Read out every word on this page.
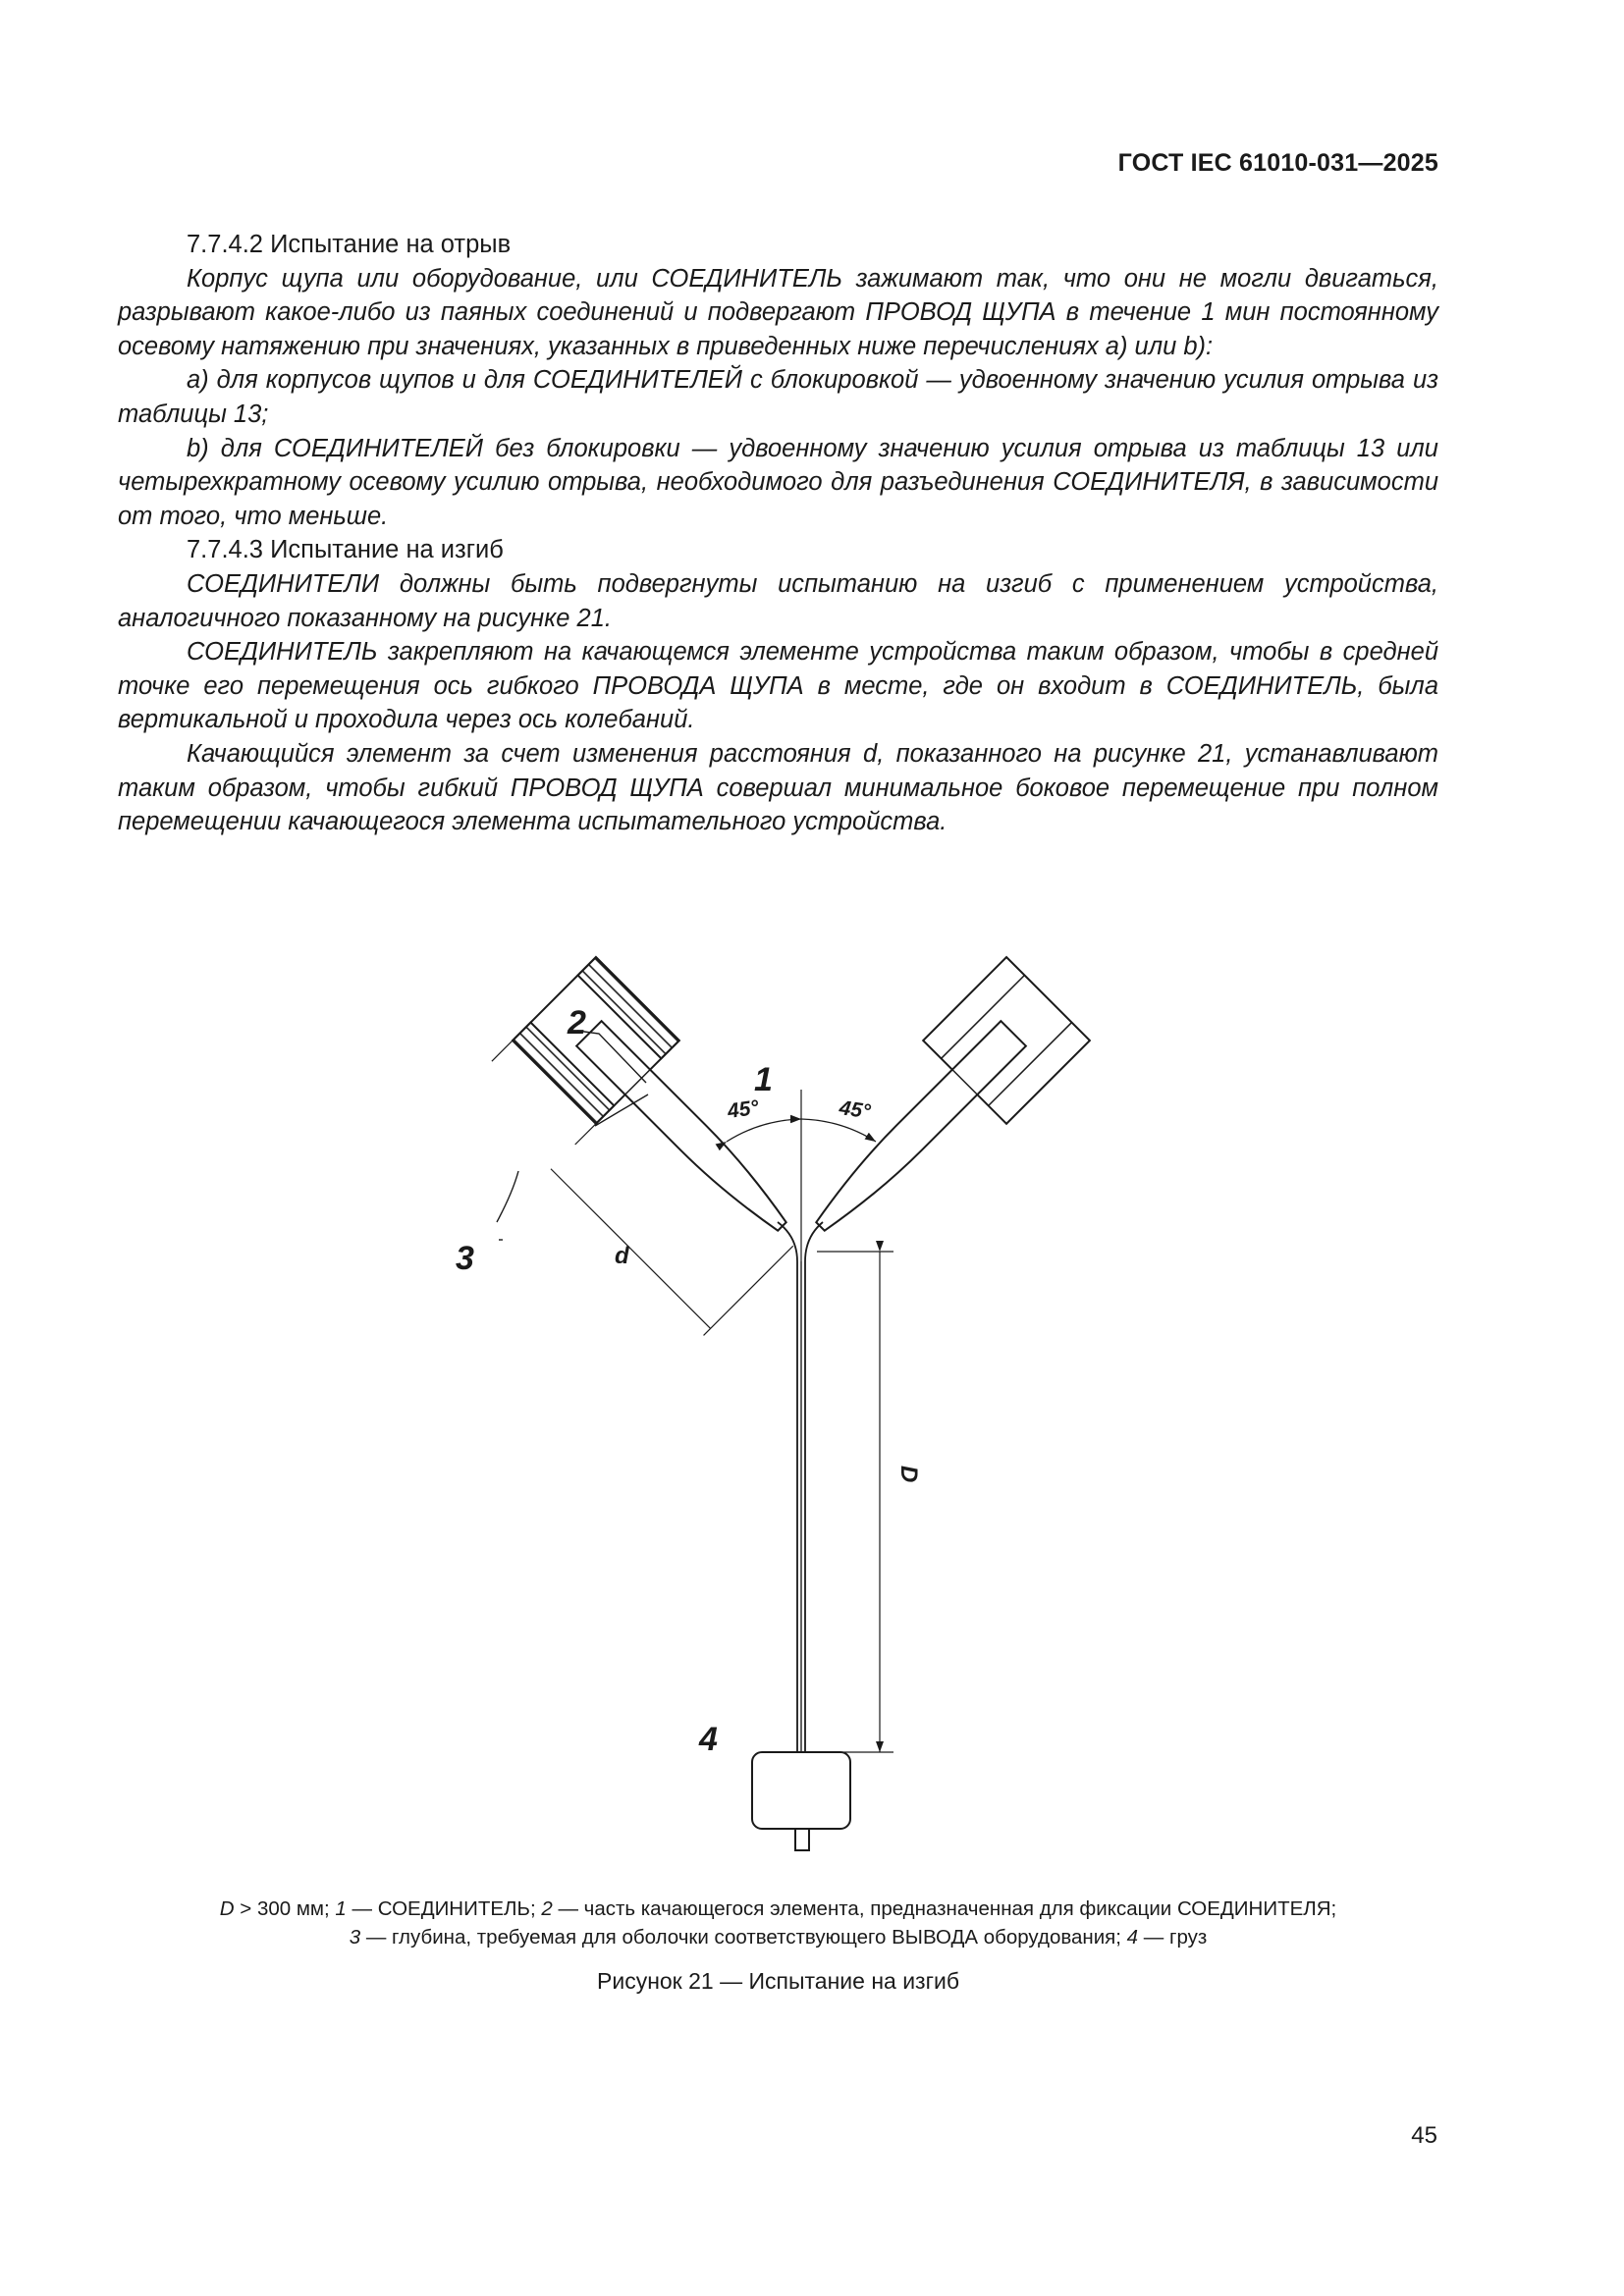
ГОСТ IEC 61010-031—2025

7.7.4.2 Испытание на отрыв

Корпус щупа или оборудование, или СОЕДИНИТЕЛЬ зажимают так, что они не могли двигаться, разрывают какое-либо из паяных соединений и подвергают ПРОВОД ЩУПА в течение 1 мин постоянному осевому натяжению при значениях, указанных в приведенных ниже перечислениях a) или b):

a) для корпусов щупов и для СОЕДИНИТЕЛЕЙ с блокировкой — удвоенному значению усилия отрыва из таблицы 13;

b) для СОЕДИНИТЕЛЕЙ без блокировки — удвоенному значению усилия отрыва из таблицы 13 или четырехкратному осевому усилию отрыва, необходимого для разъединения СОЕДИНИТЕЛЯ, в зависимости от того, что меньше.

7.7.4.3 Испытание на изгиб

СОЕДИНИТЕЛИ должны быть подвергнуты испытанию на изгиб с применением устройства, аналогичного показанному на рисунке 21.

СОЕДИНИТЕЛЬ закрепляют на качающемся элементе устройства таким образом, чтобы в средней точке его перемещения ось гибкого ПРОВОДА ЩУПА в месте, где он входит в СОЕДИНИТЕЛЬ, была вертикальной и проходила через ось колебаний.

Качающийся элемент за счет изменения расстояния d, показанного на рисунке 21, устанавливают таким образом, чтобы гибкий ПРОВОД ЩУПА совершал минимальное боковое перемещение при полном перемещении качающегося элемента испытательного устройства.

2
1
3
4
45°	45°
d
D
D > 300 мм; 1 — СОЕДИНИТЕЛЬ; 2 — часть качающегося элемента, предназначенная для фиксации СОЕДИНИТЕЛЯ;
3 — глубина, требуемая для оболочки соответствующего ВЫВОДА оборудования; 4 — груз
Рисунок 21 — Испытание на изгиб
45
